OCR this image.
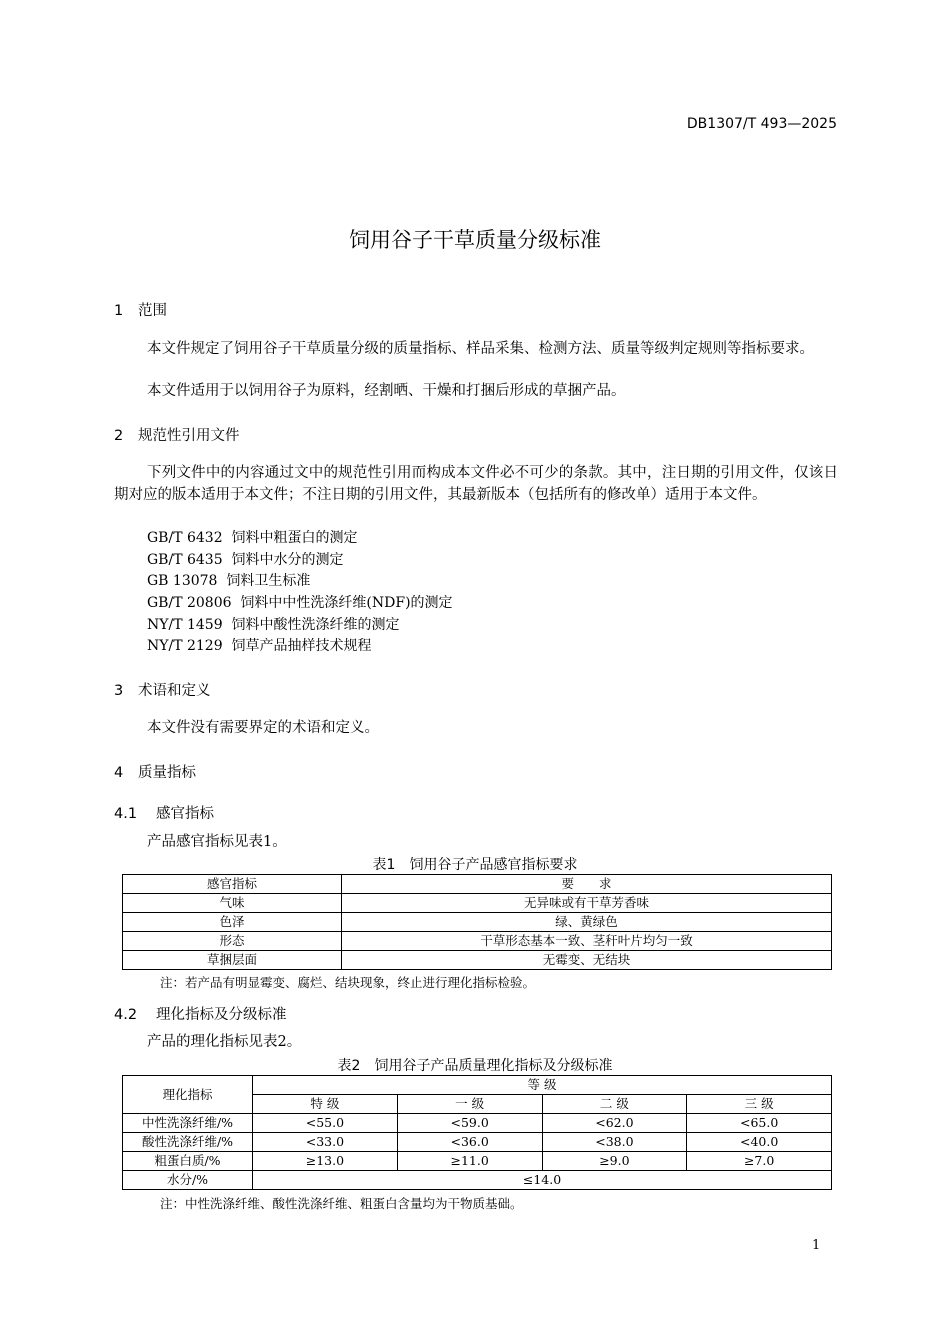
DB1307/T 493—2025
饲用谷子干草质量分级标准
1 范围
本文件规定了饲用谷子干草质量分级的质量指标、样品采集、检测方法、质量等级判定规则等指标要求。
本文件适用于以饲用谷子为原料，经割晒、干燥和打捆后形成的草捆产品。
2 规范性引用文件
下列文件中的内容通过文中的规范性引用而构成本文件必不可少的条款。其中，注日期的引用文件，仅该日期对应的版本适用于本文件；不注日期的引用文件，其最新版本（包括所有的修改单）适用于本文件。
GB/T 6432 饲料中粗蛋白的测定
GB/T 6435 饲料中水分的测定
GB 13078 饲料卫生标准
GB/T 20806 饲料中中性洗涤纤维(NDF)的测定
NY/T 1459 饲料中酸性洗涤纤维的测定
NY/T 2129 饲草产品抽样技术规程
3 术语和定义
本文件没有需要界定的术语和定义。
4 质量指标
4.1 感官指标
产品感官指标见表1。
表1　饲用谷子产品感官指标要求
感官指标	要　　求
气味	无异味或有干草芳香味
色泽	绿、黄绿色
形态	干草形态基本一致、茎秆叶片均匀一致
草捆层面	无霉变、无结块
注：若产品有明显霉变、腐烂、结块现象，终止进行理化指标检验。
4.2 理化指标及分级标准
产品的理化指标见表2。
表2　饲用谷子产品质量理化指标及分级标准
理化指标	等 级			
	特 级	一 级	二 级	三 级
中性洗涤纤维/%	<55.0	<59.0	<62.0	<65.0
酸性洗涤纤维/%	<33.0	<36.0	<38.0	<40.0
粗蛋白质/%	≥13.0	≥11.0	≥9.0	≥7.0
水分/%	≤14.0			
注：中性洗涤纤维、酸性洗涤纤维、粗蛋白含量均为干物质基础。
1
